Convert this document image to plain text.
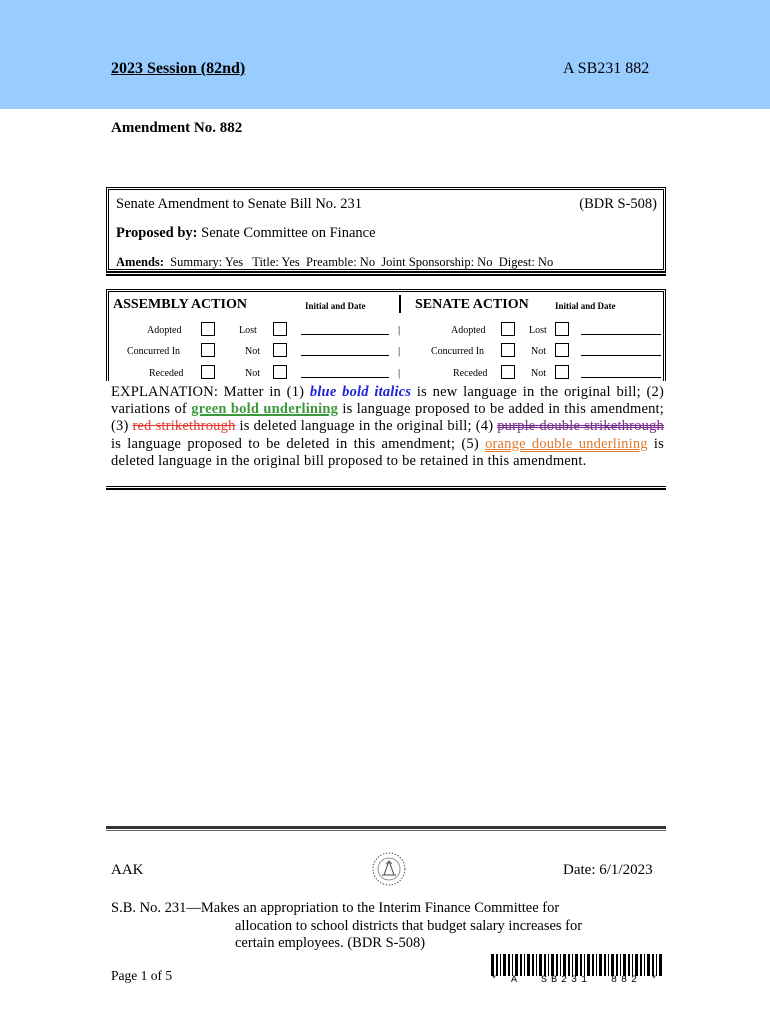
2023 Session (82nd)	A SB231 882
Amendment No. 882
Senate Amendment to Senate Bill No. 231	(BDR S-508)
Proposed by: Senate Committee on Finance
Amends: Summary: Yes   Title: Yes  Preamble: No  Joint Sponsorship: No  Digest: No
ASSEMBLY ACTION	Initial and Date	SENATE ACTION	Initial and Date
Adopted	Lost	|	Adopted	Lost
Concurred In	Not	|	Concurred In	Not
Receded	Not	|	Receded	Not
EXPLANATION: Matter in (1) blue bold italics is new language in the original bill; (2) variations of green bold underlining is language proposed to be added in this amendment; (3) red strikethrough is deleted language in the original bill; (4) purple double strikethrough is language proposed to be deleted in this amendment; (5) orange double underlining is deleted language in the original bill proposed to be retained in this amendment.
AAK	Date: 6/1/2023
S.B. No. 231—Makes an appropriation to the Interim Finance Committee for
allocation to school districts that budget salary increases for
certain employees. (BDR S-508)
Page 1 of 5	* A  SB231  882 *
